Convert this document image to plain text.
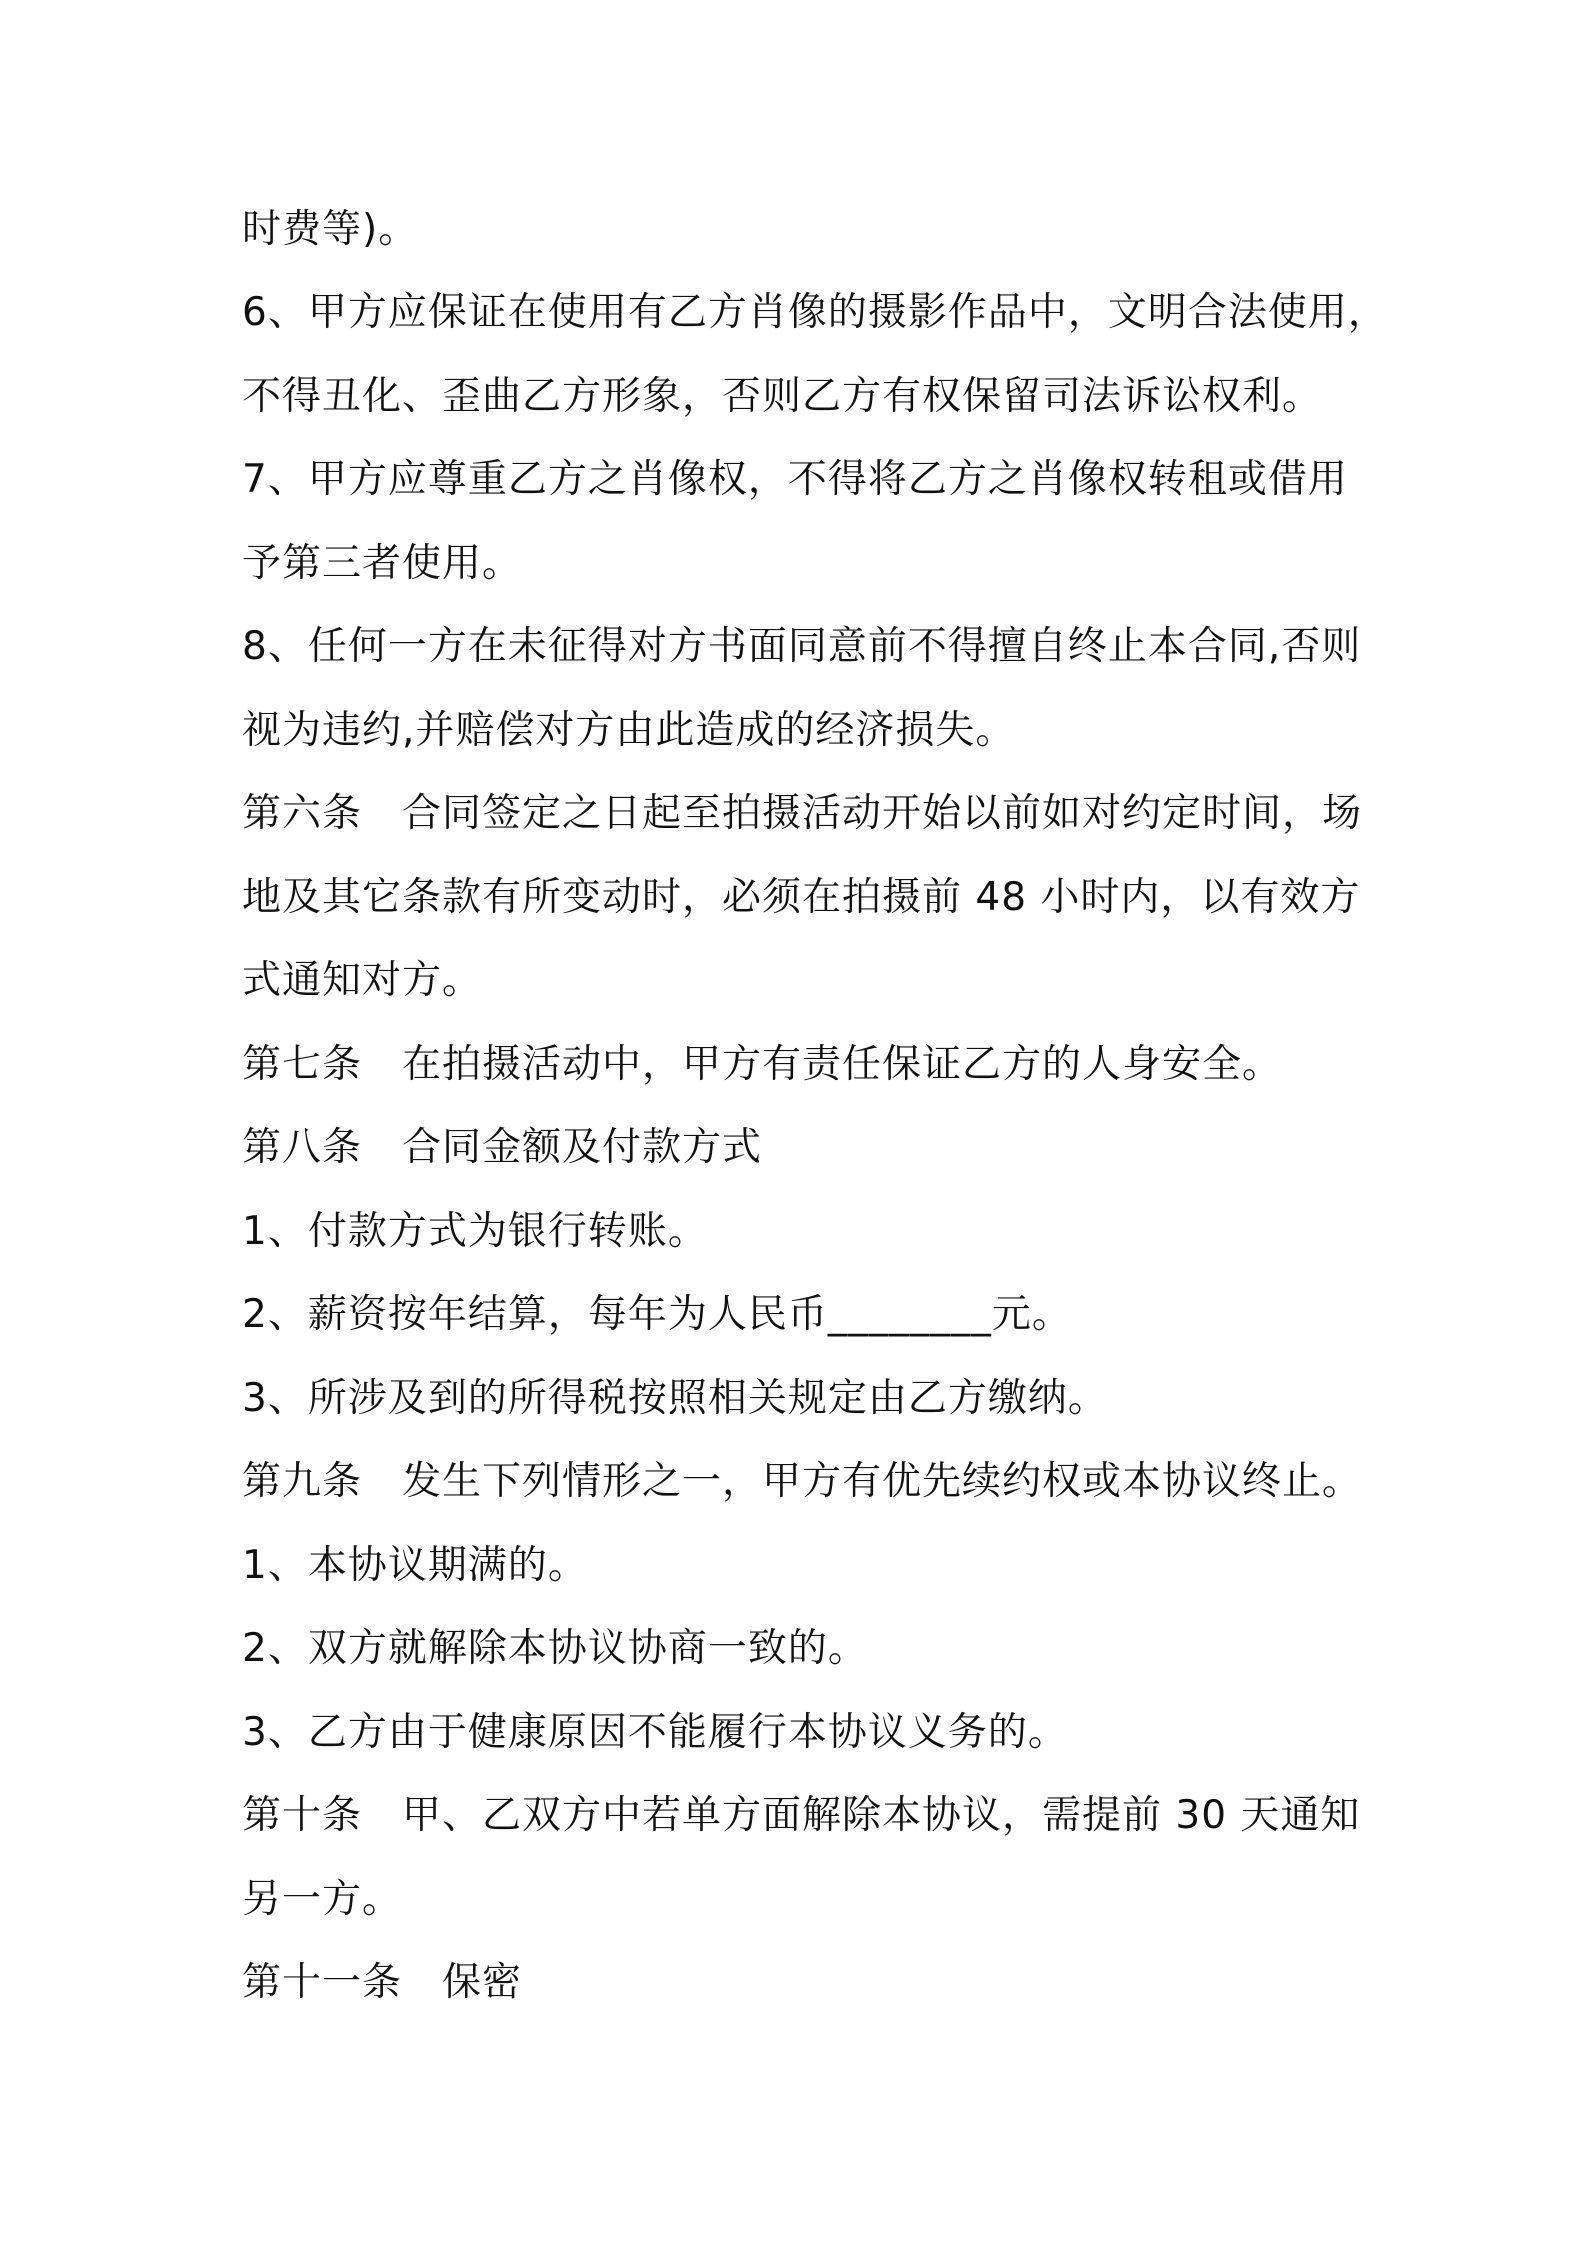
时费等)。
6、甲方应保证在使用有乙方肖像的摄影作品中，文明合法使用，
不得丑化、歪曲乙方形象，否则乙方有权保留司法诉讼权利。
7、甲方应尊重乙方之肖像权，不得将乙方之肖像权转租或借用
予第三者使用。
8、任何一方在未征得对方书面同意前不得擅自终止本合同,否则
视为违约,并赔偿对方由此造成的经济损失。
第六条　合同签定之日起至拍摄活动开始以前如对约定时间，场
地及其它条款有所变动时，必须在拍摄前 48 小时内，以有效方
式通知对方。
第七条　在拍摄活动中，甲方有责任保证乙方的人身安全。
第八条　合同金额及付款方式
1、付款方式为银行转账。
2、薪资按年结算，每年为人民币________元。
3、所涉及到的所得税按照相关规定由乙方缴纳。
第九条　发生下列情形之一，甲方有优先续约权或本协议终止。
1、本协议期满的。
2、双方就解除本协议协商一致的。
3、乙方由于健康原因不能履行本协议义务的。
第十条　甲、乙双方中若单方面解除本协议，需提前 30 天通知
另一方。
第十一条　保密
